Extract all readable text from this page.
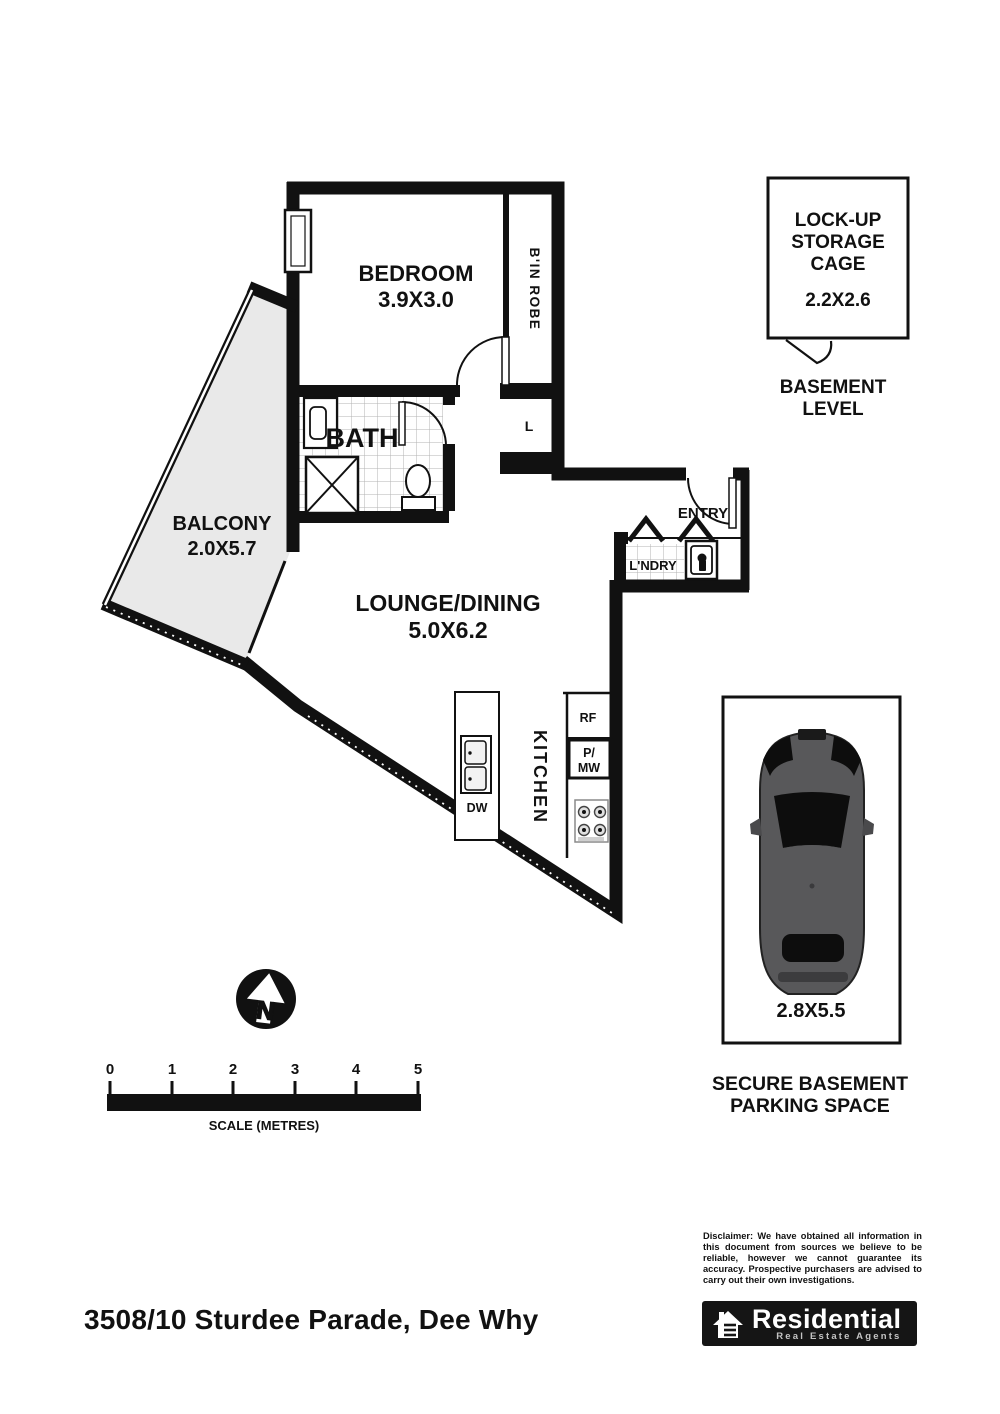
BEDROOM
3.9X3.0	B'IN ROBE
L
BATH
ENTRY
L'NDRY
BALCONY
2.0X5.7
LOUNGE/DINING
5.0X6.2
KITCHEN
RF
P/
MW
DW
LOCK-UP
STORAGE
CAGE
2.2X2.6
BASEMENT
LEVEL
2.8X5.5
SECURE BASEMENT
PARKING SPACE
N
0	1	2	3	4	5
SCALE (METRES)
Disclaimer: We have obtained all information in this document from sources we believe to be reliable, however we cannot guarantee its accuracy. Prospective purchasers are advised to carry out their own investigations.
Residential
Real Estate Agents
3508/10 Sturdee Parade, Dee Why
